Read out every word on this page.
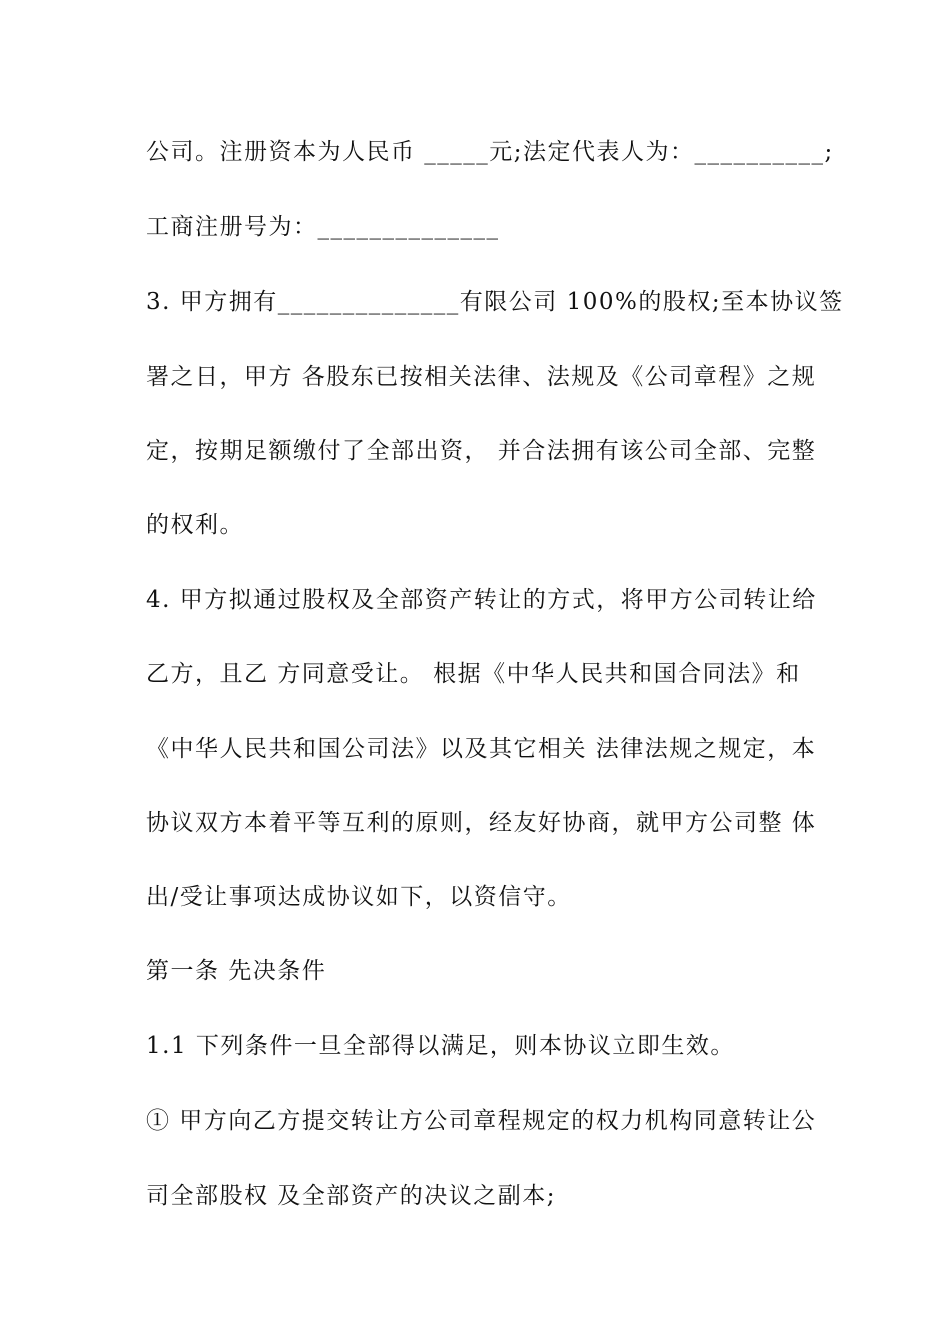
公司。注册资本为人民币 _____元;法定代表人为：__________;
工商注册号为：______________
3. 甲方拥有______________有限公司 100%的股权;至本协议签
署之日，甲方 各股东已按相关法律、法规及《公司章程》之规
定，按期足额缴付了全部出资， 并合法拥有该公司全部、完整
的权利。
4. 甲方拟通过股权及全部资产转让的方式，将甲方公司转让给
乙方，且乙 方同意受让。 根据《中华人民共和国合同法》和
《中华人民共和国公司法》以及其它相关 法律法规之规定，本
协议双方本着平等互利的原则，经友好协商，就甲方公司整 体
出/受让事项达成协议如下，以资信守。
第一条 先决条件
1.1 下列条件一旦全部得以满足，则本协议立即生效。
① 甲方向乙方提交转让方公司章程规定的权力机构同意转让公
司全部股权 及全部资产的决议之副本;
